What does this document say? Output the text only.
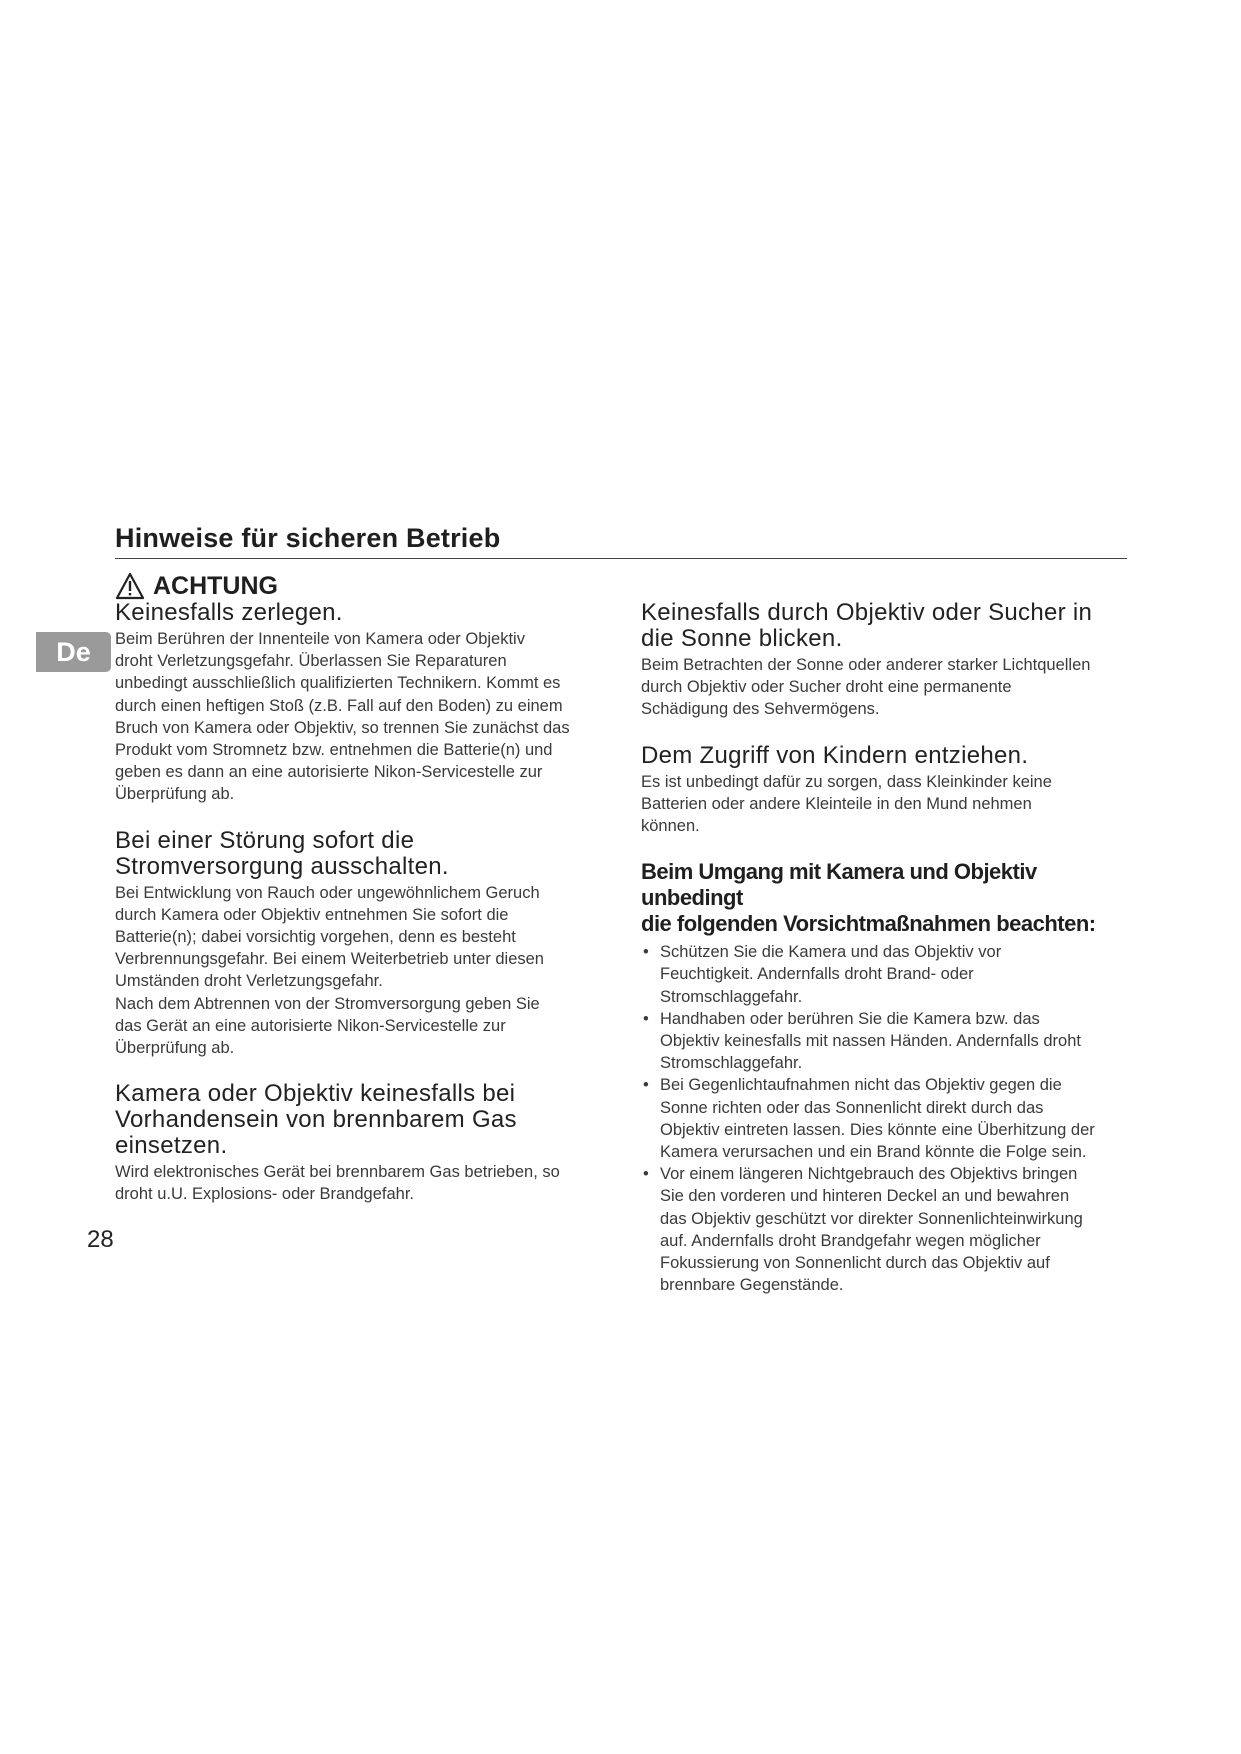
Hinweise für sicheren Betrieb
ACHTUNG
De
Keinesfalls zerlegen.

Beim Berühren der Innenteile von Kamera oder Objektiv
droht Verletzungsgefahr. Überlassen Sie Reparaturen
unbedingt ausschließlich qualifizierten Technikern. Kommt es
durch einen heftigen Stoß (z.B. Fall auf den Boden) zu einem
Bruch von Kamera oder Objektiv, so trennen Sie zunächst das
Produkt vom Stromnetz bzw. entnehmen die Batterie(n) und
geben es dann an eine autorisierte Nikon-Servicestelle zur
Überprüfung ab.

Bei einer Störung sofort die
Stromversorgung ausschalten.

Bei Entwicklung von Rauch oder ungewöhnlichem Geruch
durch Kamera oder Objektiv entnehmen Sie sofort die
Batterie(n); dabei vorsichtig vorgehen, denn es besteht
Verbrennungsgefahr. Bei einem Weiterbetrieb unter diesen
Umständen droht Verletzungsgefahr.
Nach dem Abtrennen von der Stromversorgung geben Sie
das Gerät an eine autorisierte Nikon-Servicestelle zur
Überprüfung ab.

Kamera oder Objektiv keinesfalls bei
Vorhandensein von brennbarem Gas
einsetzen.

Wird elektronisches Gerät bei brennbarem Gas betrieben, so
droht u.U. Explosions- oder Brandgefahr.

Keinesfalls durch Objektiv oder Sucher in
die Sonne blicken.

Beim Betrachten der Sonne oder anderer starker Lichtquellen
durch Objektiv oder Sucher droht eine permanente
Schädigung des Sehvermögens.

Dem Zugriff von Kindern entziehen.

Es ist unbedingt dafür zu sorgen, dass Kleinkinder keine
Batterien oder andere Kleinteile in den Mund nehmen
können.

Beim Umgang mit Kamera und Objektiv unbedingt
die folgenden Vorsichtmaßnahmen beachten:
• Schützen Sie die Kamera und das Objektiv vor
Feuchtigkeit. Andernfalls droht Brand- oder
Stromschlaggefahr.
• Handhaben oder berühren Sie die Kamera bzw. das
Objektiv keinesfalls mit nassen Händen. Andernfalls droht
Stromschlaggefahr.
• Bei Gegenlichtaufnahmen nicht das Objektiv gegen die
Sonne richten oder das Sonnenlicht direkt durch das
Objektiv eintreten lassen. Dies könnte eine Überhitzung der
Kamera verursachen und ein Brand könnte die Folge sein.
• Vor einem längeren Nichtgebrauch des Objektivs bringen
Sie den vorderen und hinteren Deckel an und bewahren
das Objektiv geschützt vor direkter Sonnenlichteinwirkung
auf. Andernfalls droht Brandgefahr wegen möglicher
Fokussierung von Sonnenlicht durch das Objektiv auf
brennbare Gegenstände.
28
